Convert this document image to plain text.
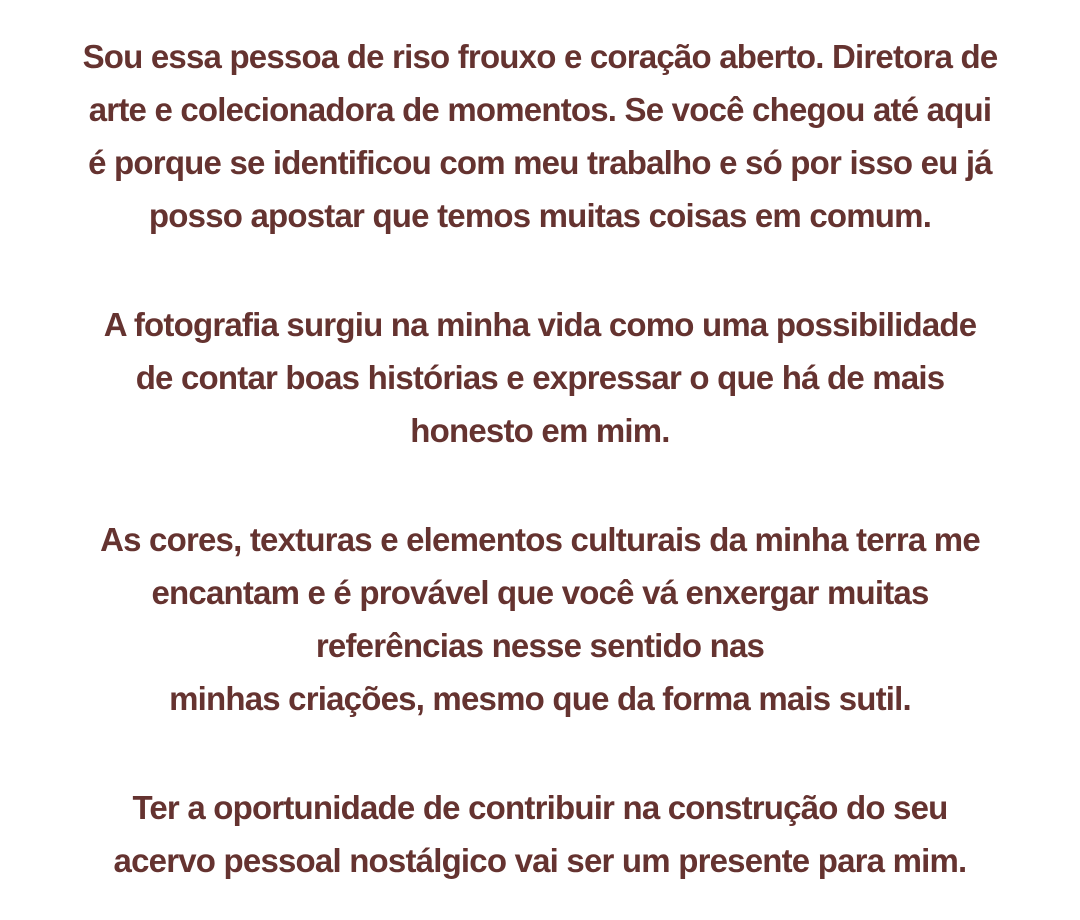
Sou essa pessoa de riso frouxo e coração aberto. Diretora de
arte e colecionadora de momentos. Se você chegou até aqui
é porque se identificou com meu trabalho e só por isso eu já
posso apostar que temos muitas coisas em comum.

A fotografia surgiu na minha vida como uma possibilidade
de contar boas histórias e expressar o que há de mais
honesto em mim.

As cores, texturas e elementos culturais da minha terra me
encantam e é provável que você vá enxergar muitas
referências nesse sentido nas
minhas criações, mesmo que da forma mais sutil.

Ter a oportunidade de contribuir na construção do seu
acervo pessoal nostálgico vai ser um presente para mim.
